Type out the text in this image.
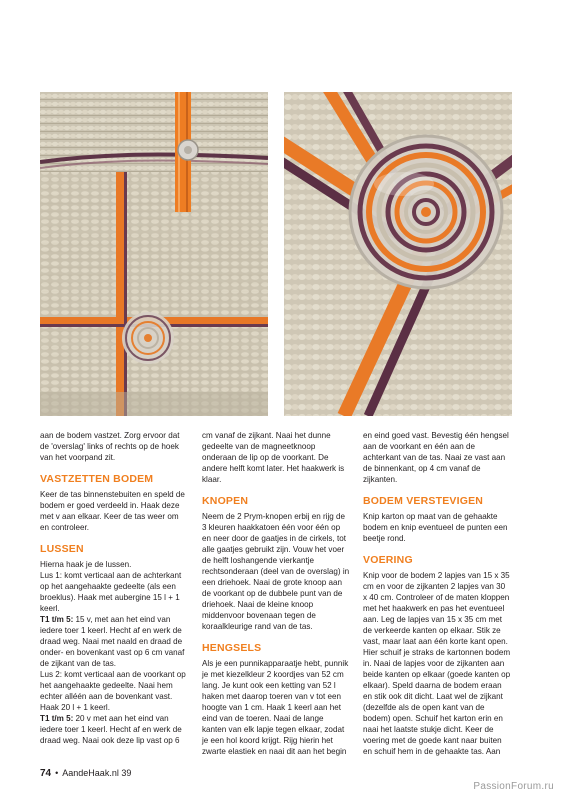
aan de bodem vastzet. Zorg ervoor dat de 'overslag' links of rechts op de hoek van het voorpand zit.

VASTZETTEN BODEM

Keer de tas binnenstebuiten en speld de bodem er goed verdeeld in. Haak deze met v aan elkaar. Keer de tas weer om en controleer.

LUSSEN

Hierna haak je de lussen.

Lus 1: komt verticaal aan de achterkant op het aangehaakte gedeelte (als een broeklus). Haak met aubergine 15 l + 1 keerl.

T1 t/m 5: 15 v, met aan het eind van iedere toer 1 keerl. Hecht af en werk de draad weg. Naai met naald en draad de onder- en bovenkant vast op 6 cm vanaf de zijkant van de tas.

Lus 2: komt verticaal aan de voorkant op het aangehaakte gedeelte. Naai hem echter alléén aan de bovenkant vast. Haak 20 l + 1 keerl.

T1 t/m 5: 20 v met aan het eind van iedere toer 1 keerl. Hecht af en werk de draad weg. Naai ook deze lip vast op 6

cm vanaf de zijkant. Naai het dunne gedeelte van de magneetknoop onderaan de lip op de voorkant. De andere helft komt later. Het haakwerk is klaar.

KNOPEN

Neem de 2 Prym-knopen erbij en rijg de 3 kleuren haakkatoen één voor één op en neer door de gaatjes in de cirkels, tot alle gaatjes gebruikt zijn. Vouw het voer de helft loshangende vierkantje rechtsonderaan (deel van de overslag) in een driehoek. Naai de grote knoop aan de voorkant op de dubbele punt van de driehoek. Naai de kleine knoop middenvoor bovenaan tegen de koraalkleurige rand van de tas.

HENGSELS

Als je een punnikapparaatje hebt, punnik je met kiezelkleur 2 koordjes van 52 cm lang. Je kunt ook een ketting van 52 l haken met daarop toeren van v tot een hoogte van 1 cm. Haak 1 keerl aan het eind van de toeren. Naai de lange kanten van elk lapje tegen elkaar, zodat je een hol koord krijgt. Rijg hierin het zwarte elastiek en naai dit aan het begin

en eind goed vast. Bevestig één hengsel aan de voorkant en één aan de achterkant van de tas. Naai ze vast aan de binnenkant, op 4 cm vanaf de zijkanten.

BODEM VERSTEVIGEN

Knip karton op maat van de gehaakte bodem en knip eventueel de punten een beetje rond.

VOERING

Knip voor de bodem 2 lapjes van 15 x 35 cm en voor de zijkanten 2 lapjes van 30 x 40 cm. Controleer of de maten kloppen met het haakwerk en pas het eventueel aan. Leg de lapjes van 15 x 35 cm met de verkeerde kanten op elkaar. Stik ze vast, maar laat aan één korte kant open. Hier schuif je straks de kartonnen bodem in. Naai de lapjes voor de zijkanten aan beide kanten op elkaar (goede kanten op elkaar). Speld daarna de bodem eraan en stik ook dit dicht. Laat wel de zijkant (dezelfde als de open kant van de bodem) open. Schuif het karton erin en naai het laatste stukje dicht. Keer de voering met de goede kant naar buiten en schuif hem in de gehaakte tas. Aan

74 • AandeHaak.nl 39
PassionForum.ru
